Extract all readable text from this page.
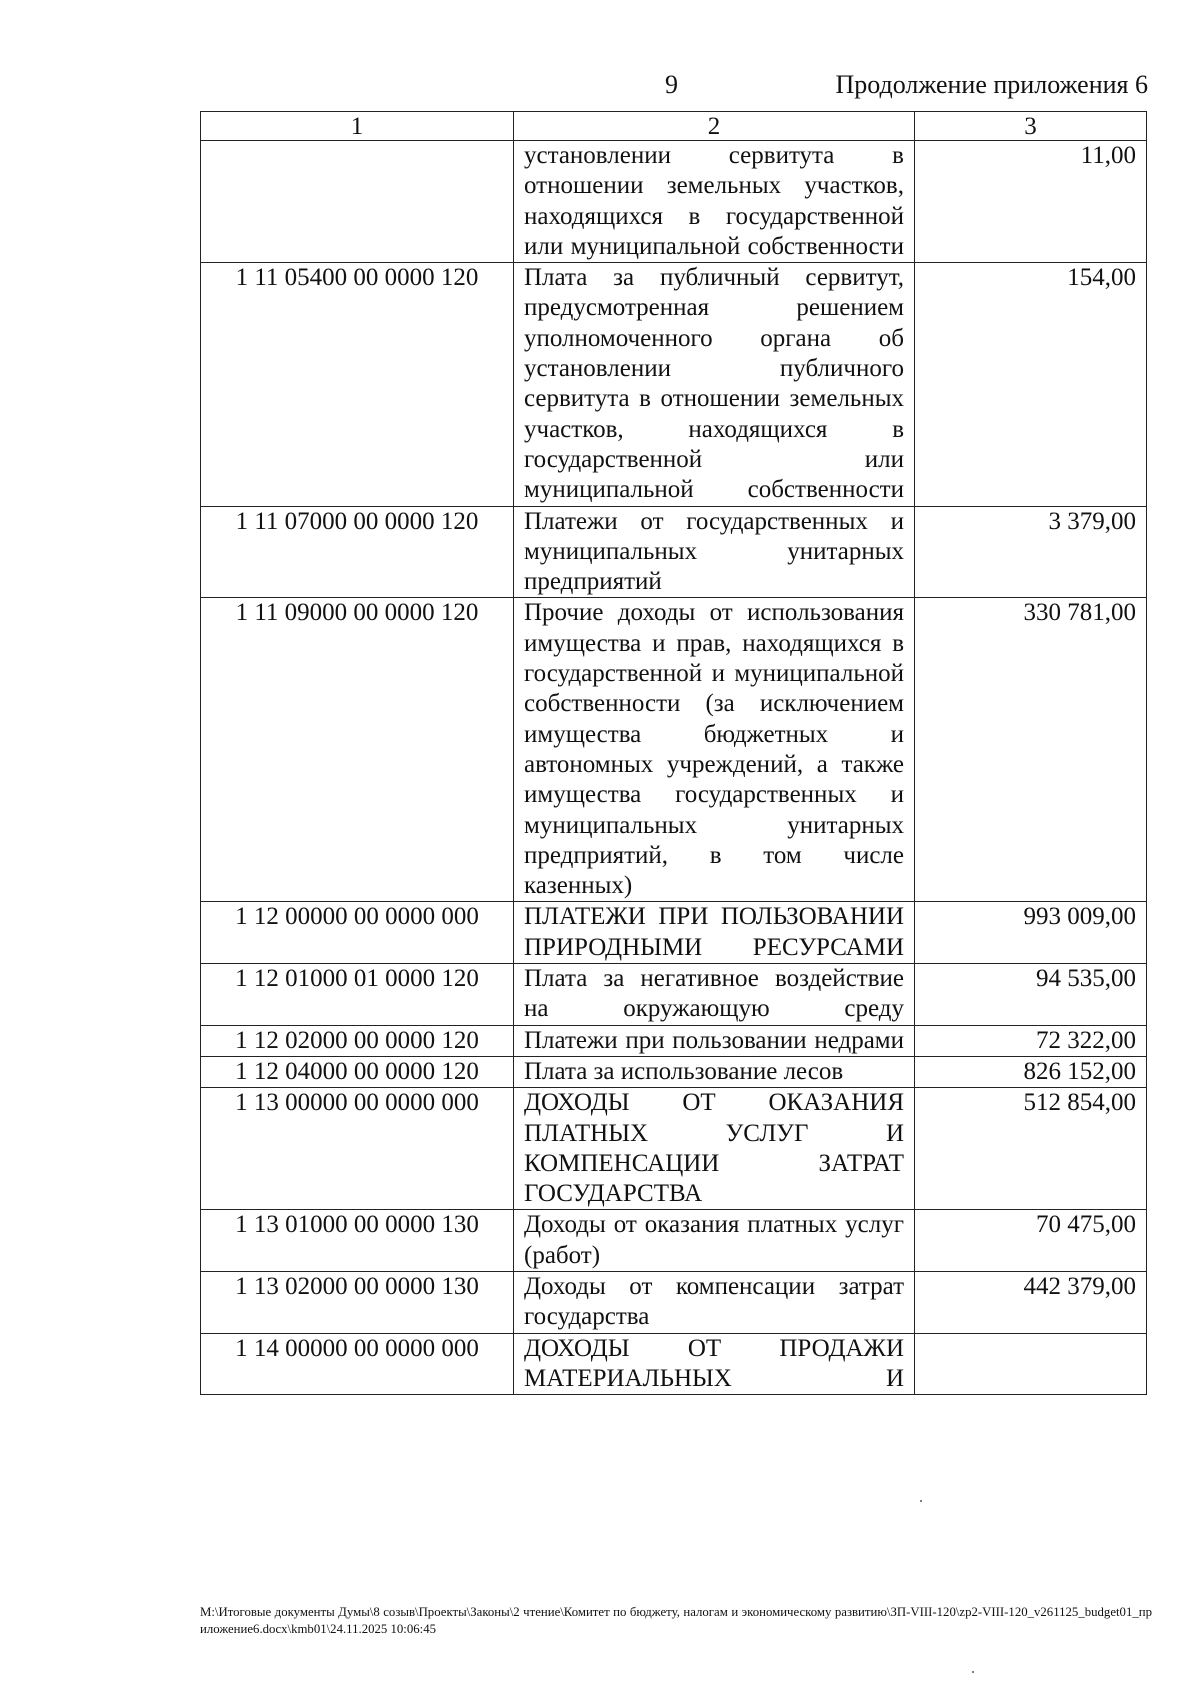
9	Продолжение приложения 6
1	2	3
	установлении сервитута в отношении земельных участков, находящихся в государственной или муниципальной собственности	11,00
1 11 05400 00 0000 120	Плата за публичный сервитут, предусмотренная решением уполномоченного органа об установлении публичного сервитута в отношении земельных участков, находящихся в государственной или муниципальной собственности	154,00
1 11 07000 00 0000 120	Платежи от государственных и муниципальных унитарных предприятий	3 379,00
1 11 09000 00 0000 120	Прочие доходы от использования имущества и прав, находящихся в государственной и муниципальной собственности (за исключением имущества бюджетных и автономных учреждений, а также имущества государственных и муниципальных унитарных предприятий, в том числе казенных)	330 781,00
1 12 00000 00 0000 000	ПЛАТЕЖИ ПРИ ПОЛЬЗОВАНИИ ПРИРОДНЫМИ РЕСУРСАМИ	993 009,00
1 12 01000 01 0000 120	Плата за негативное воздействие на окружающую среду	94 535,00
1 12 02000 00 0000 120	Платежи при пользовании недрами	72 322,00
1 12 04000 00 0000 120	Плата за использование лесов	826 152,00
1 13 00000 00 0000 000	ДОХОДЫ ОТ ОКАЗАНИЯ ПЛАТНЫХ УСЛУГ И КОМПЕНСАЦИИ ЗАТРАТ ГОСУДАРСТВА	512 854,00
1 13 01000 00 0000 130	Доходы от оказания платных услуг (работ)	70 475,00
1 13 02000 00 0000 130	Доходы от компенсации затрат государства	442 379,00
1 14 00000 00 0000 000	ДОХОДЫ ОТ ПРОДАЖИ МАТЕРИАЛЬНЫХ И	
M:\Итоговые документы Думы\8 созыв\Проекты\Законы\2 чтение\Комитет по бюджету, налогам и экономическому развитию\ЗП-VIII-120\zp2-VIII-120_v261125_budget01_приложение6.docx\kmb01\24.11.2025 10:06:45
